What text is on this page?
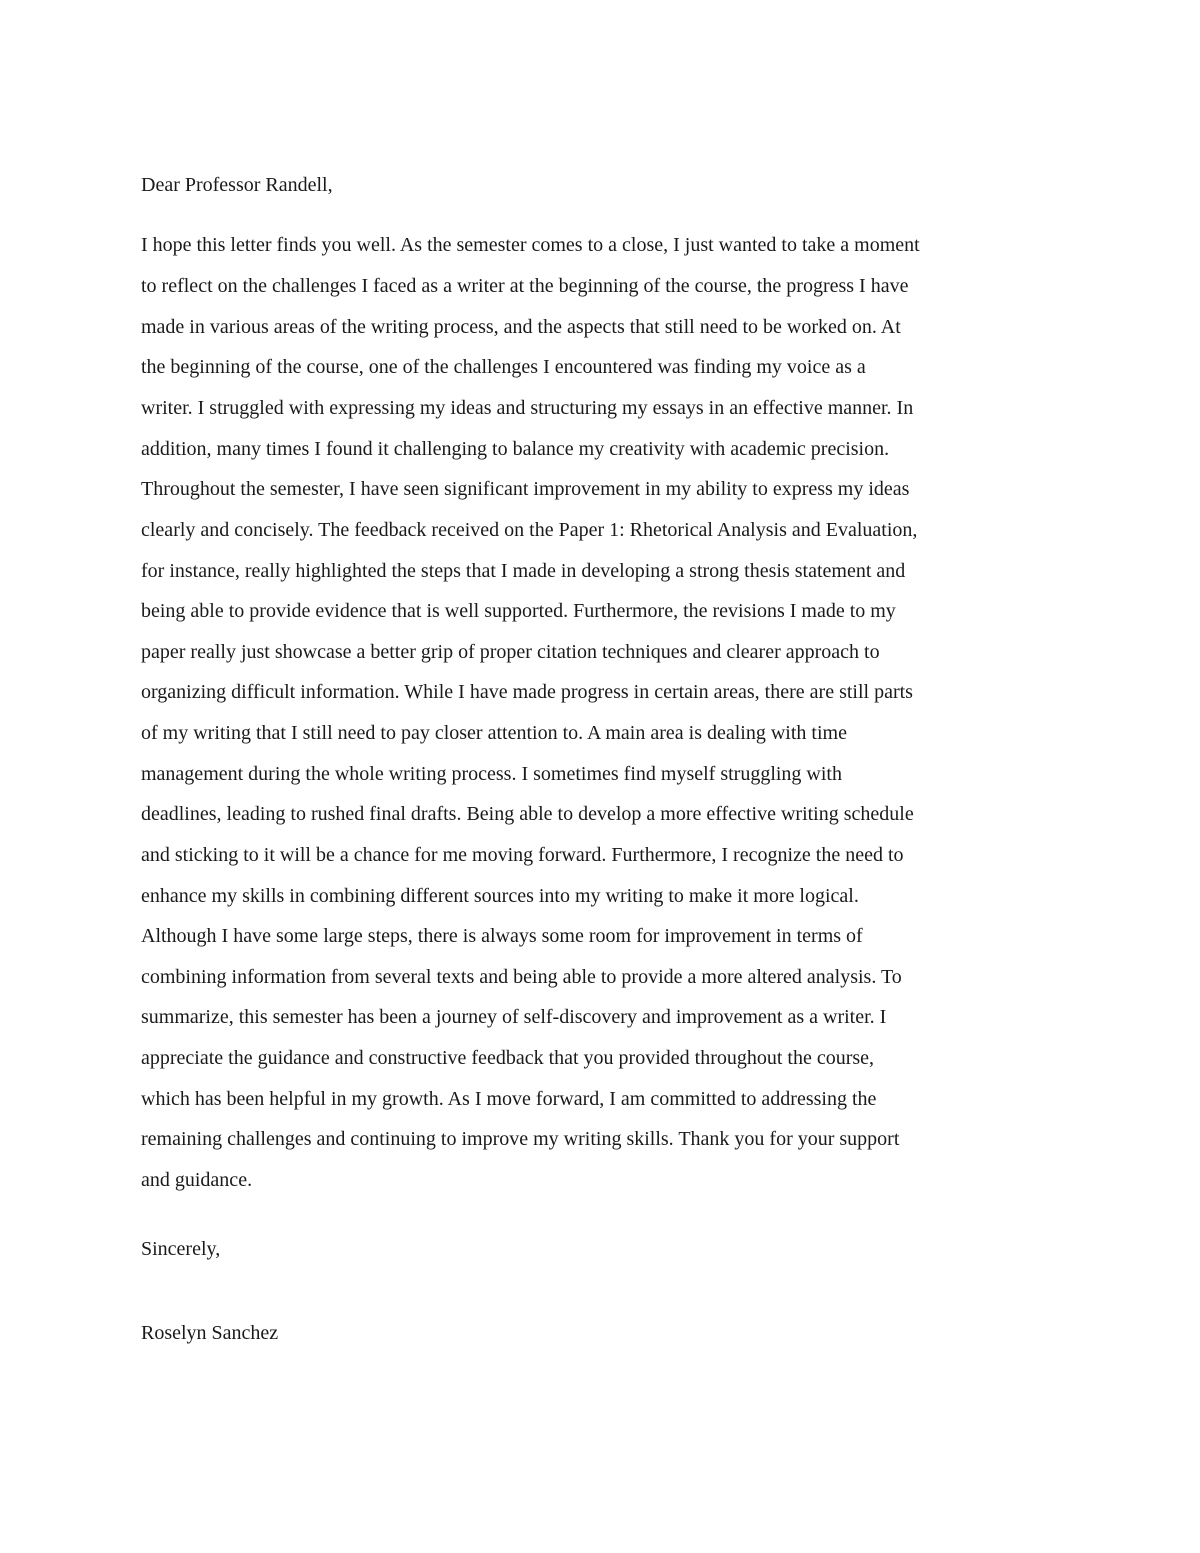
Dear Professor Randell,
I hope this letter finds you well. As the semester comes to a close, I just wanted to take a moment
to reflect on the challenges I faced as a writer at the beginning of the course, the progress I have
made in various areas of the writing process, and the aspects that still need to be worked on. At
the beginning of the course, one of the challenges I encountered was finding my voice as a
writer. I struggled with expressing my ideas and structuring my essays in an effective manner. In
addition, many times I found it challenging to balance my creativity with academic precision.
Throughout the semester, I have seen significant improvement in my ability to express my ideas
clearly and concisely. The feedback received on the Paper 1: Rhetorical Analysis and Evaluation,
for instance, really highlighted the steps that I made in developing a strong thesis statement and
being able to provide evidence that is well supported. Furthermore, the revisions I made to my
paper really just showcase a better grip of proper citation techniques and clearer approach to
organizing difficult information. While I have made progress in certain areas, there are still parts
of my writing that I still need to pay closer attention to. A main area is dealing with time
management during the whole writing process. I sometimes find myself struggling with
deadlines, leading to rushed final drafts. Being able to develop a more effective writing schedule
and sticking to it will be a chance for me moving forward. Furthermore, I recognize the need to
enhance my skills in combining different sources into my writing to make it more logical.
Although I have some large steps, there is always some room for improvement in terms of
combining information from several texts and being able to provide a more altered analysis. To
summarize, this semester has been a journey of self-discovery and improvement as a writer. I
appreciate the guidance and constructive feedback that you provided throughout the course,
which has been helpful in my growth. As I move forward, I am committed to addressing the
remaining challenges and continuing to improve my writing skills. Thank you for your support
and guidance.
Sincerely,
Roselyn Sanchez
